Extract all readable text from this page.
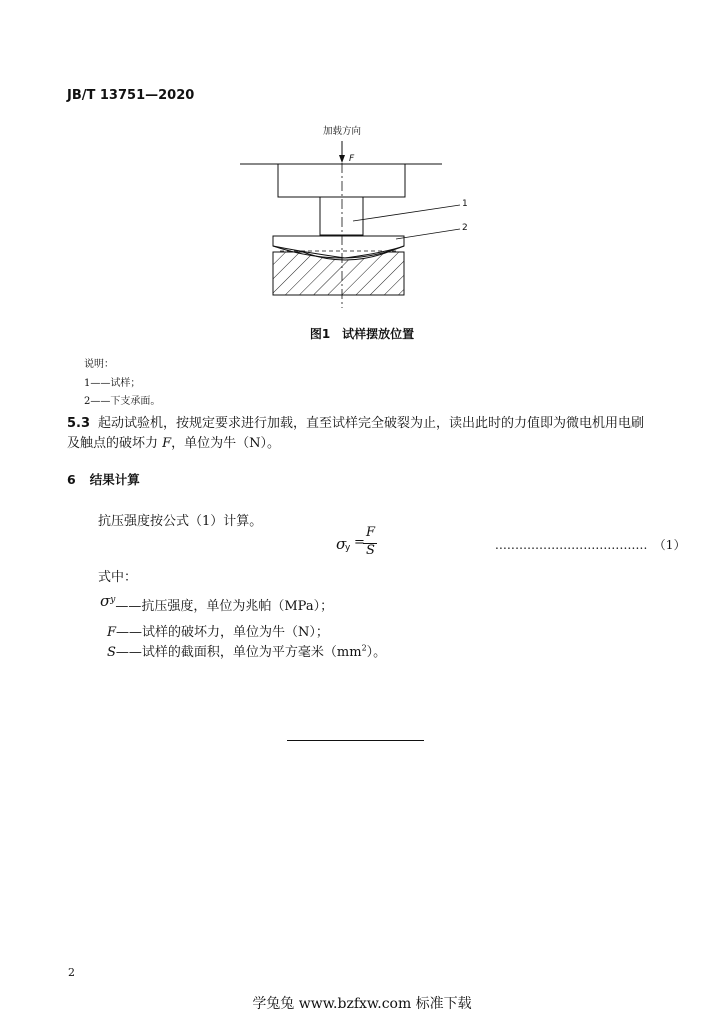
JB/T 13751—2020
加载方向
F
1
2
图1　试样摆放位置
说明：
1——试样；
2——下支承面。
5.3 起动试验机，按规定要求进行加载，直至试样完全破裂为止，读出此时的力值即为微电机用电刷
及触点的破坏力 F，单位为牛（N）。
6 结果计算
抗压强度按公式（1）计算。
σ
y =
F
S	...................................... （1）
式中：
$\sigma^y——$抗压强度，单位为兆帕（MPa）；
F——试样的破坏力，单位为牛（N）；
S——试样的截面积，单位为平方毫米$(mm^2)$。
2
学兔兔 www.bzfxw.com 标准下载
